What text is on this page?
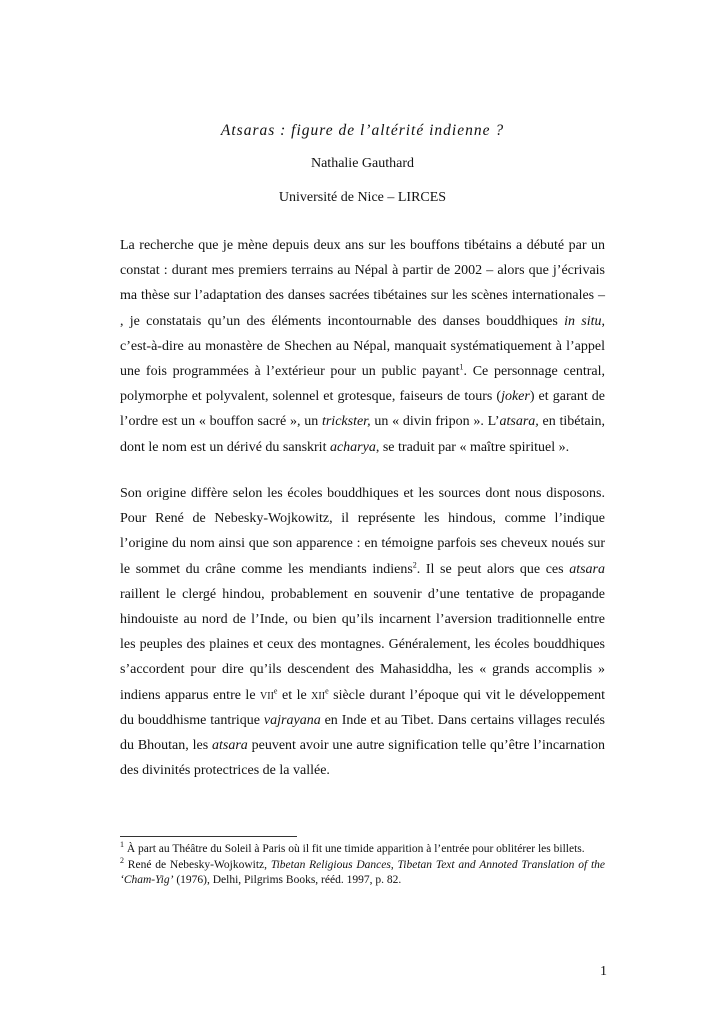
Atsaras : figure de l’altérité indienne ?
Nathalie Gauthard
Université de Nice – LIRCES
La recherche que je mène depuis deux ans sur les bouffons tibétains a débuté par un constat : durant mes premiers terrains au Népal à partir de 2002 – alors que j’écrivais ma thèse sur l’adaptation des danses sacrées tibétaines sur les scènes internationales – , je constatais qu’un des éléments incontournable des danses bouddhiques in situ, c’est-à-dire au monastère de Shechen au Népal, manquait systématiquement à l’appel une fois programmées à l’extérieur pour un public payant$^1$. Ce personnage central, polymorphe et polyvalent, solennel et grotesque, faiseurs de tours (joker) et garant de l’ordre est un « bouffon sacré », un trickster, un « divin fripon ». L’atsara, en tibétain, dont le nom est un dérivé du sanskrit acharya, se traduit par « maître spirituel ».
Son origine diffère selon les écoles bouddhiques et les sources dont nous disposons. Pour René de Nebesky-Wojkowitz, il représente les hindous, comme l’indique l’origine du nom ainsi que son apparence : en témoigne parfois ses cheveux noués sur le sommet du crâne comme les mendiants indiens$^2$. Il se peut alors que ces atsara raillent le clergé hindou, probablement en souvenir d’une tentative de propagande hindouiste au nord de l’Inde, ou bien qu’ils incarnent l’aversion traditionnelle entre les peuples des plaines et ceux des montagnes. Généralement, les écoles bouddhiques s’accordent pour dire qu’ils descendent des Mahasiddha, les « grands accomplis » indiens apparus entre le vii$^e$ et le xii$^e$ siècle durant l’époque qui vit le développement du bouddhisme tantrique vajrayana en Inde et au Tibet. Dans certains villages reculés du Bhoutan, les atsara peuvent avoir une autre signification telle qu’être l’incarnation des divinités protectrices de la vallée.

$^1$ À part au Théâtre du Soleil à Paris où il fit une timide apparition à l’entrée pour oblitérer les billets.

$^2$ René de Nebesky-Wojkowitz, Tibetan Religious Dances, Tibetan Text and Annoted Translation of the ‘Cham-Yig’ (1976), Delhi, Pilgrims Books, rééd. 1997, p. 82.

1
